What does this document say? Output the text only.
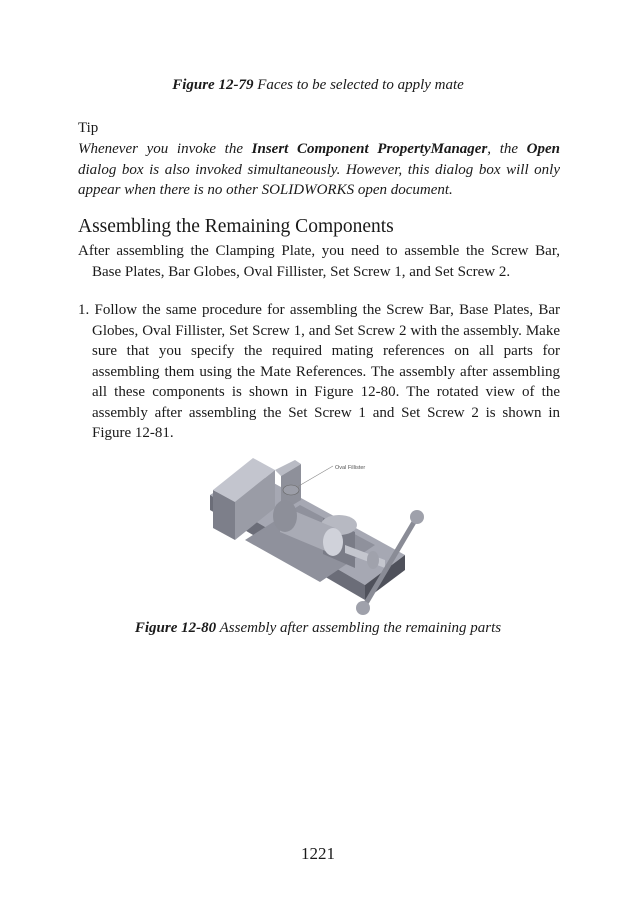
Figure 12-79 Faces to be selected to apply mate
Tip
Whenever you invoke the Insert Component PropertyManager, the Open dialog box is also invoked simultaneously. However, this dialog box will only appear when there is no other SOLIDWORKS open document.
Assembling the Remaining Components
After assembling the Clamping Plate, you need to assemble the Screw Bar, Base Plates, Bar Globes, Oval Fillister, Set Screw 1, and Set Screw 2.
1. Follow the same procedure for assembling the Screw Bar, Base Plates, Bar Globes, Oval Fillister, Set Screw 1, and Set Screw 2 with the assembly. Make sure that you specify the required mating references on all parts for assembling them using the Mate References. The assembly after assembling all these components is shown in Figure 12-80. The rotated view of the assembly after assembling the Set Screw 1 and Set Screw 2 is shown in Figure 12-81.
Oval Fillister
Figure 12-80 Assembly after assembling the remaining parts
1221
